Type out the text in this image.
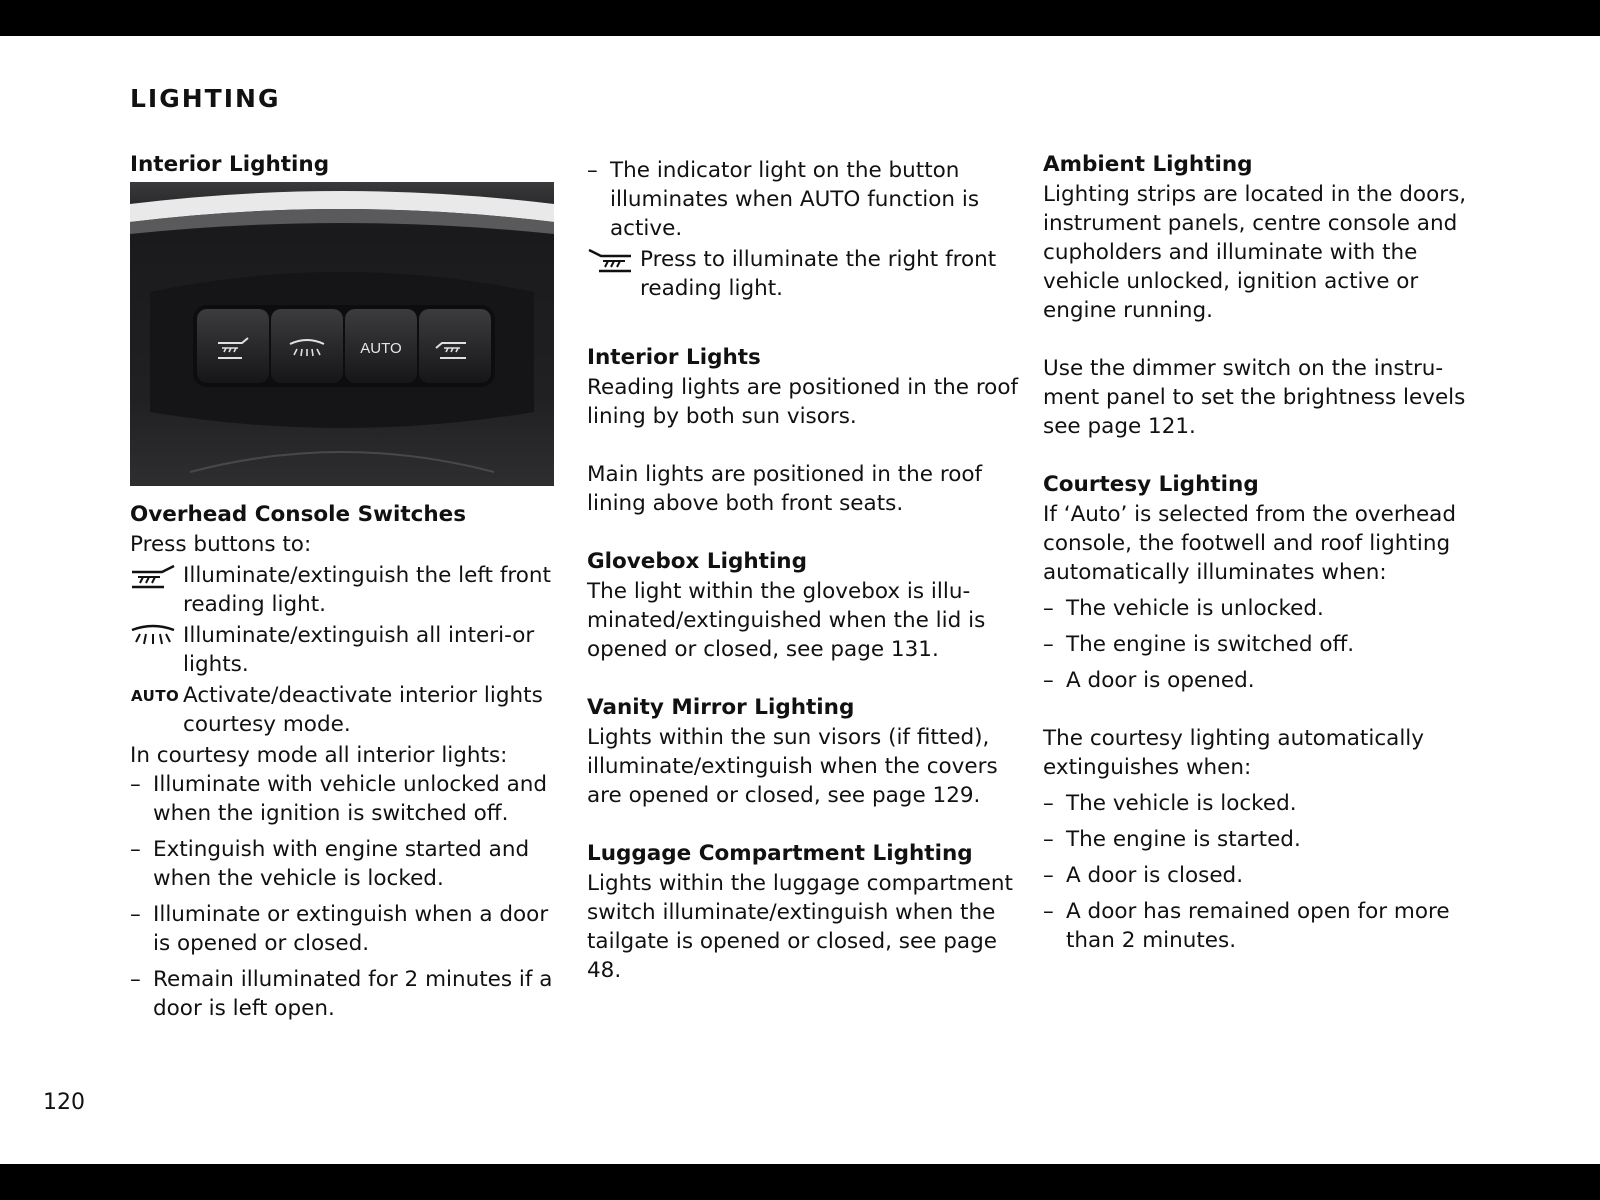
LIGHTING
Interior Lighting
AUTO
Overhead Console Switches
Press buttons to:
Illuminate/extinguish the left front reading light.
Illuminate/extinguish all interi-or lights.
AUTO Activate/deactivate interior lights courtesy mode.
In courtesy mode all interior lights:
– Illuminate with vehicle unlocked and when the ignition is switched off.
– Extinguish with engine started and when the vehicle is locked.
– Illuminate or extinguish when a door is opened or closed.
– Remain illuminated for 2 minutes if a door is left open.
– The indicator light on the button illuminates when AUTO function is active.
Press to illuminate the right front reading light.
Interior Lights
Reading lights are positioned in the roof lining by both sun visors.
Main lights are positioned in the roof lining above both front seats.
Glovebox Lighting
The light within the glovebox is illu-minated/extinguished when the lid is opened or closed, see page 131.
Vanity Mirror Lighting
Lights within the sun visors (if fitted), illuminate/extinguish when the covers are opened or closed, see page 129.
Luggage Compartment Lighting
Lights within the luggage compartment switch illuminate/extinguish when the tailgate is opened or closed, see page 48.
Ambient Lighting
Lighting strips are located in the doors, instrument panels, centre console and cupholders and illuminate with the vehicle unlocked, ignition active or engine running.
Use the dimmer switch on the instru-ment panel to set the brightness levels see page 121.
Courtesy Lighting
If ‘Auto’ is selected from the overhead console, the footwell and roof lighting automatically illuminates when:
– The vehicle is unlocked.
– The engine is switched off.
– A door is opened.
The courtesy lighting automatically extinguishes when:
– The vehicle is locked.
– The engine is started.
– A door is closed.
– A door has remained open for more than 2 minutes.
120
